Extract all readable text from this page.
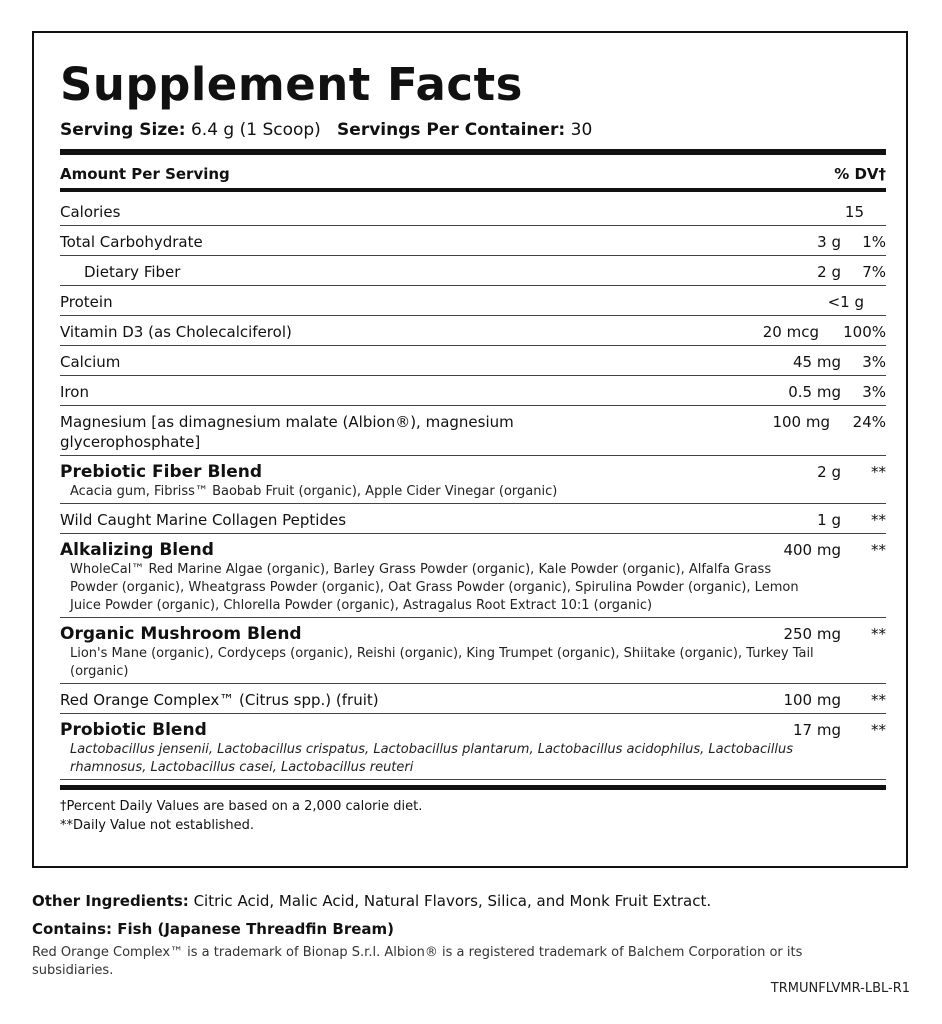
Supplement Facts
Serving Size: 6.4 g (1 Scoop) Servings Per Container: 30
Amount Per Serving	% DV†
Calories	15
Total Carbohydrate	3 g 1%
Dietary Fiber	2 g 7%
Protein	<1 g
Vitamin D3 (as Cholecalciferol)	20 mcg 100%
Calcium	45 mg 3%
Iron	0.5 mg 3%
Magnesium [as dimagnesium malate (Albion®), magnesium
glycerophosphate]
100 mg 24%
Prebiotic Fiber Blend	2 g **
Acacia gum, Fibriss™ Baobab Fruit (organic), Apple Cider Vinegar (organic)
Wild Caught Marine Collagen Peptides	1 g **
Alkalizing Blend	400 mg **
WholeCal™ Red Marine Algae (organic), Barley Grass Powder (organic), Kale Powder (organic), Alfalfa Grass
Powder (organic), Wheatgrass Powder (organic), Oat Grass Powder (organic), Spirulina Powder (organic), Lemon
Juice Powder (organic), Chlorella Powder (organic), Astragalus Root Extract 10:1 (organic)
Organic Mushroom Blend	250 mg **
Lion's Mane (organic), Cordyceps (organic), Reishi (organic), King Trumpet (organic), Shiitake (organic), Turkey Tail
(organic)
Red Orange Complex™ (Citrus spp.) (fruit)	100 mg **
Probiotic Blend	17 mg **
Lactobacillus jensenii, Lactobacillus crispatus, Lactobacillus plantarum, Lactobacillus acidophilus, Lactobacillus
rhamnosus, Lactobacillus casei, Lactobacillus reuteri
†Percent Daily Values are based on a 2,000 calorie diet.
**Daily Value not established.
Other Ingredients: Citric Acid, Malic Acid, Natural Flavors, Silica, and Monk Fruit Extract.
Contains: Fish (Japanese Threadfin Bream)
Red Orange Complex™ is a trademark of Bionap S.r.l. Albion® is a registered trademark of Balchem Corporation or its
subsidiaries.
TRMUNFLVMR-LBL-R1
